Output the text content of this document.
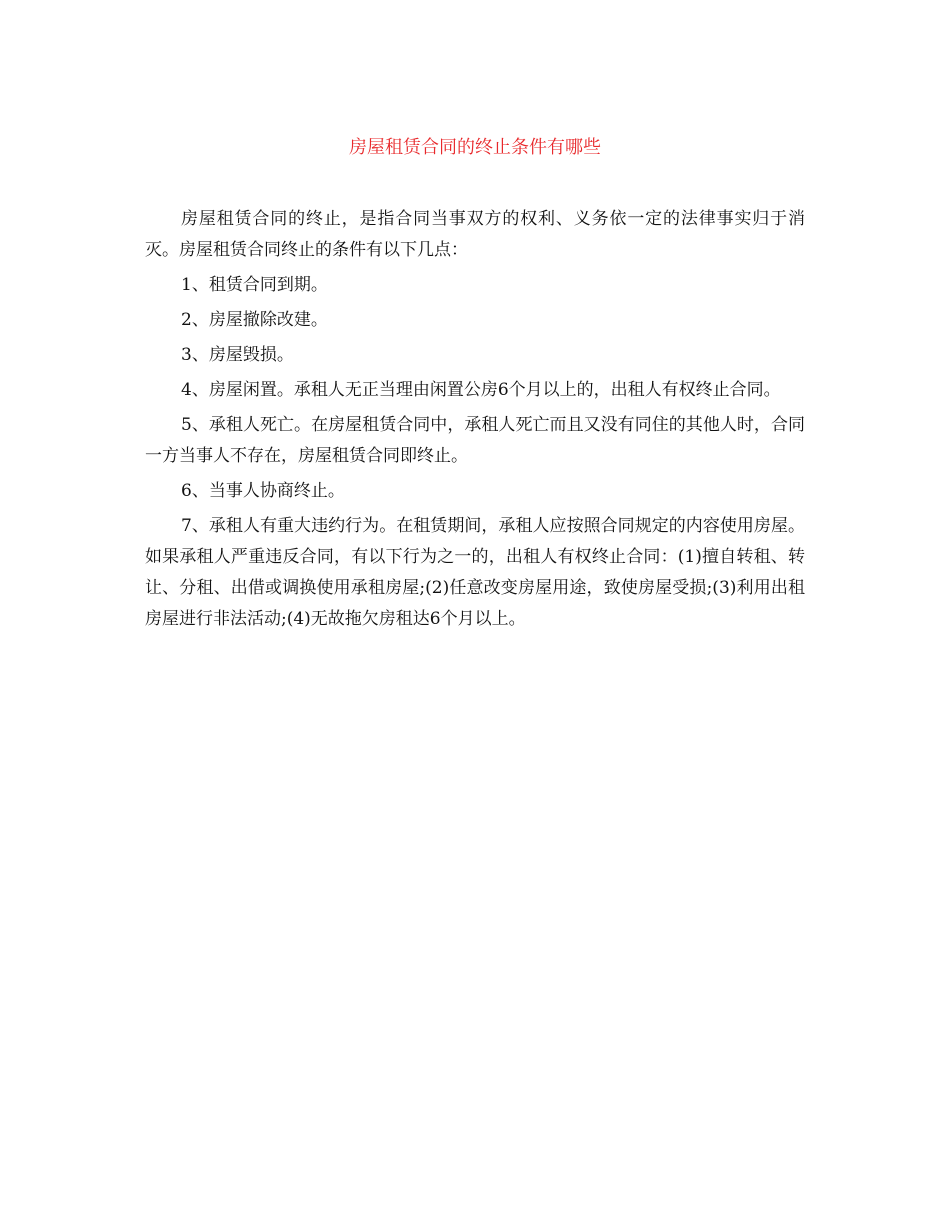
房屋租赁合同的终止条件有哪些

房屋租赁合同的终止，是指合同当事双方的权利、义务依一定的法律事实归于消灭。房屋租赁合同终止的条件有以下几点：

1、租赁合同到期。

2、房屋撤除改建。

3、房屋毁损。

4、房屋闲置。承租人无正当理由闲置公房6个月以上的，出租人有权终止合同。

5、承租人死亡。在房屋租赁合同中，承租人死亡而且又没有同住的其他人时，合同一方当事人不存在，房屋租赁合同即终止。

6、当事人协商终止。

7、承租人有重大违约行为。在租赁期间，承租人应按照合同规定的内容使用房屋。如果承租人严重违反合同，有以下行为之一的，出租人有权终止合同：(1)擅自转租、转让、分租、出借或调换使用承租房屋;(2)任意改变房屋用途，致使房屋受损;(3)利用出租房屋进行非法活动;(4)无故拖欠房租达6个月以上。
